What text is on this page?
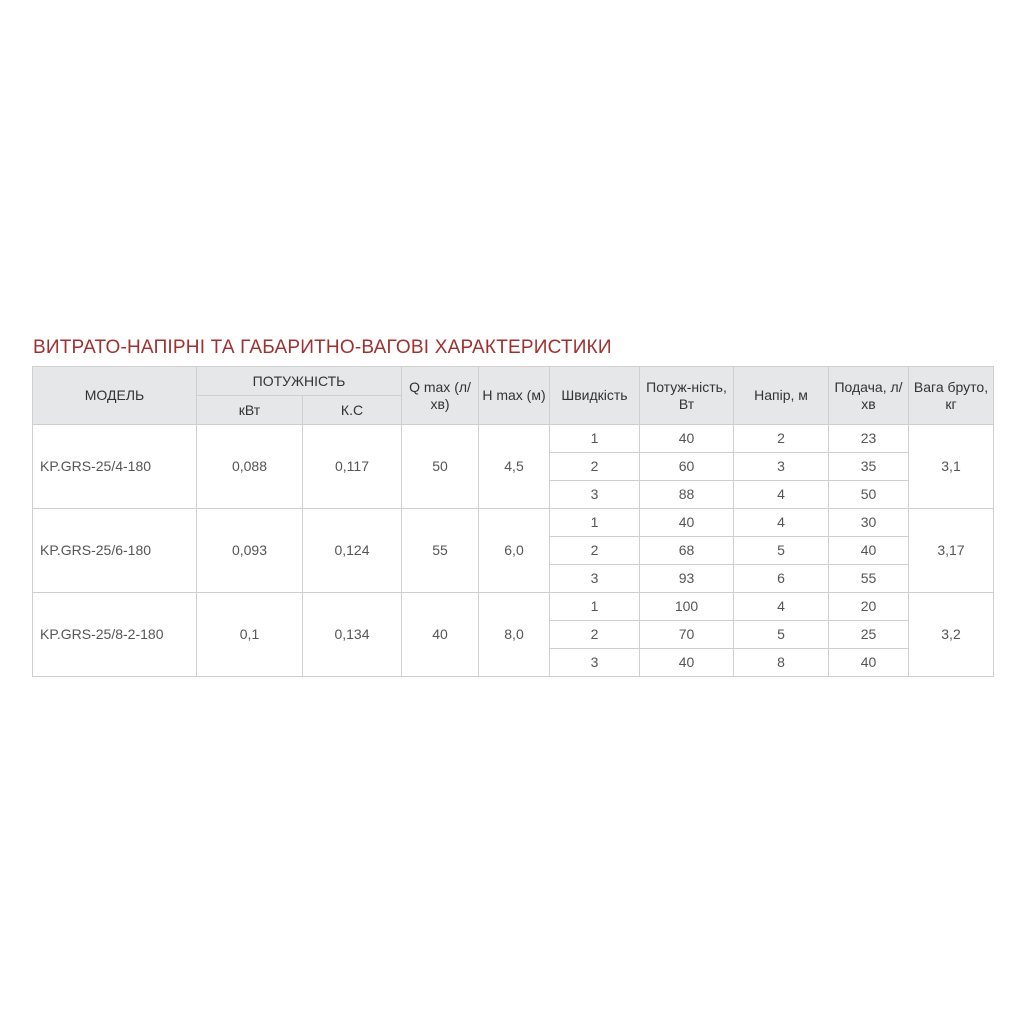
ВИТРАТО-НАПІРНІ ТА ГАБАРИТНО-ВАГОВІ ХАРАКТЕРИСТИКИ
МОДЕЛЬ	ПОТУЖНІСТЬ		Q max (л/хв)	H max (м)	Швидкість	Потуж-ність, Вт	Напір, м	Подача, л/хв	Вага бруто, кг
	кВт	К.С							
KP.GRS-25/4-180	0,088	0,117	50	4,5	1	40	2	23	3,1
					2	60	3	35	
					3	88	4	50	
KP.GRS-25/6-180	0,093	0,124	55	6,0	1	40	4	30	3,17
					2	68	5	40	
					3	93	6	55	
KP.GRS-25/8-2-180	0,1	0,134	40	8,0	1	100	4	20	3,2
					2	70	5	25	
					3	40	8	40	
